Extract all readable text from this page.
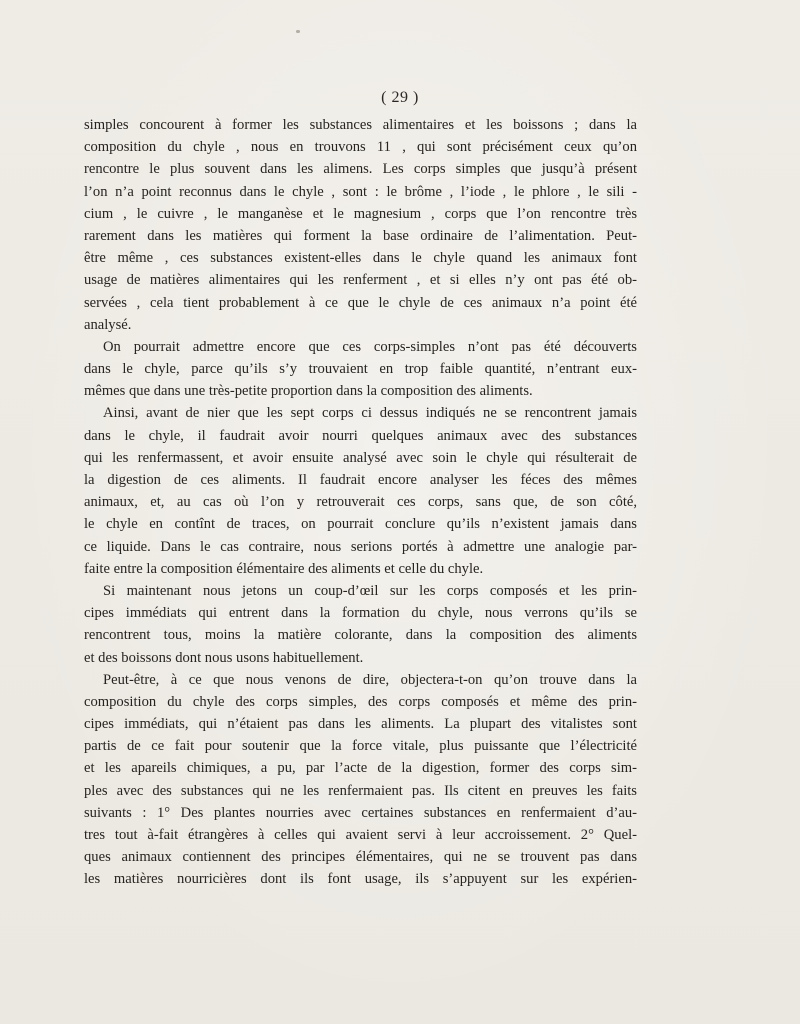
( 29 )
simples concourent à former les substances alimentaires et les boissons ; dans la
composition du chyle , nous en trouvons 11 , qui sont précisément ceux qu’on
rencontre le plus souvent dans les alimens. Les corps simples que jusqu’à présent
l’on n’a point reconnus dans le chyle , sont : le brôme , l’iode , le phlore , le sili -
cium , le cuivre , le manganèse et le magnesium , corps que l’on rencontre très
rarement dans les matières qui forment la base ordinaire de l’alimentation. Peut-
être même , ces substances existent-elles dans le chyle quand les animaux font
usage de matières alimentaires qui les renferment , et si elles n’y ont pas été ob-
servées , cela tient probablement à ce que le chyle de ces animaux n’a point été
analysé.
On pourrait admettre encore que ces corps-simples n’ont pas été découverts
dans le chyle, parce qu’ils s’y trouvaient en trop faible quantité, n’entrant eux-
mêmes que dans une très-petite proportion dans la composition des aliments.
Ainsi, avant de nier que les sept corps ci dessus indiqués ne se rencontrent jamais
dans le chyle, il faudrait avoir nourri quelques animaux avec des substances
qui les renfermassent, et avoir ensuite analysé avec soin le chyle qui résulterait de
la digestion de ces aliments. Il faudrait encore analyser les féces des mêmes
animaux, et, au cas où l’on y retrouverait ces corps, sans que, de son côté,
le chyle en contînt de traces, on pourrait conclure qu’ils n’existent jamais dans
ce liquide. Dans le cas contraire, nous serions portés à admettre une analogie par-
faite entre la composition élémentaire des aliments et celle du chyle.
Si maintenant nous jetons un coup-d’œil sur les corps composés et les prin-
cipes immédiats qui entrent dans la formation du chyle, nous verrons qu’ils se
rencontrent tous, moins la matière colorante, dans la composition des aliments
et des boissons dont nous usons habituellement.
Peut-être, à ce que nous venons de dire, objectera-t-on qu’on trouve dans la
composition du chyle des corps simples, des corps composés et même des prin-
cipes immédiats, qui n’étaient pas dans les aliments. La plupart des vitalistes sont
partis de ce fait pour soutenir que la force vitale, plus puissante que l’électricité
et les apareils chimiques, a pu, par l’acte de la digestion, former des corps sim-
ples avec des substances qui ne les renfermaient pas. Ils citent en preuves les faits
suivants : 1° Des plantes nourries avec certaines substances en renfermaient d’au-
tres tout à-fait étrangères à celles qui avaient servi à leur accroissement. 2° Quel-
ques animaux contiennent des principes élémentaires, qui ne se trouvent pas dans
les matières nourricières dont ils font usage, ils s’appuyent sur les expérien-
